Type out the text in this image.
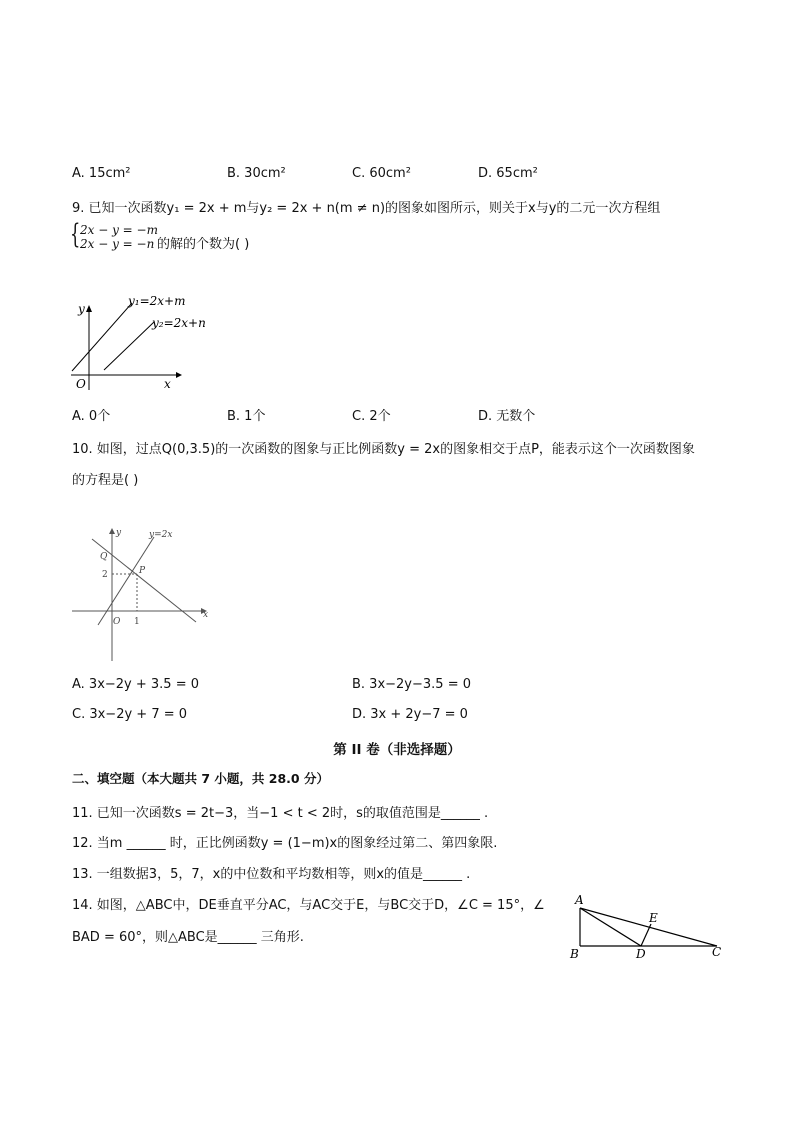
A. 15cm²	B. 30cm²	C. 60cm²	D. 65cm²
9. 已知一次函数y₁ = 2x + m与y₂ = 2x + n(m ≠ n)的图象如图所示，则关于x与y的二元一次方程组
{ 2x − y = −m
2x − y = −n 的解的个数为( )
y
x
O
y₁=2x+m
y₂=2x+n
A. 0个	B. 1个	C. 2个	D. 无数个
10. 如图，过点Q(0,3.5)的一次函数的图象与正比例函数y = 2x的图象相交于点P，能表示这个一次函数图象
的方程是( )
y
x
O
Q
P
2
1
y=2x
A. 3x−2y + 3.5 = 0	B. 3x−2y−3.5 = 0
C. 3x−2y + 7 = 0	D. 3x + 2y−7 = 0
第 II 卷（非选择题）
二、填空题（本大题共 7 小题，共 28.0 分）
11. 已知一次函数s = 2t−3，当−1 < t < 2时，s的取值范围是______ .
12. 当m ______ 时，正比例函数y = (1−m)x的图象经过第二、第四象限.
13. 一组数据3，5，7，x的中位数和平均数相等，则x的值是______ .
14. 如图，△ABC中，DE垂直平分AC，与AC交于E，与BC交于D，∠C = 15°，∠
BAD = 60°，则△ABC是______ 三角形.
A
B	C
D
E
